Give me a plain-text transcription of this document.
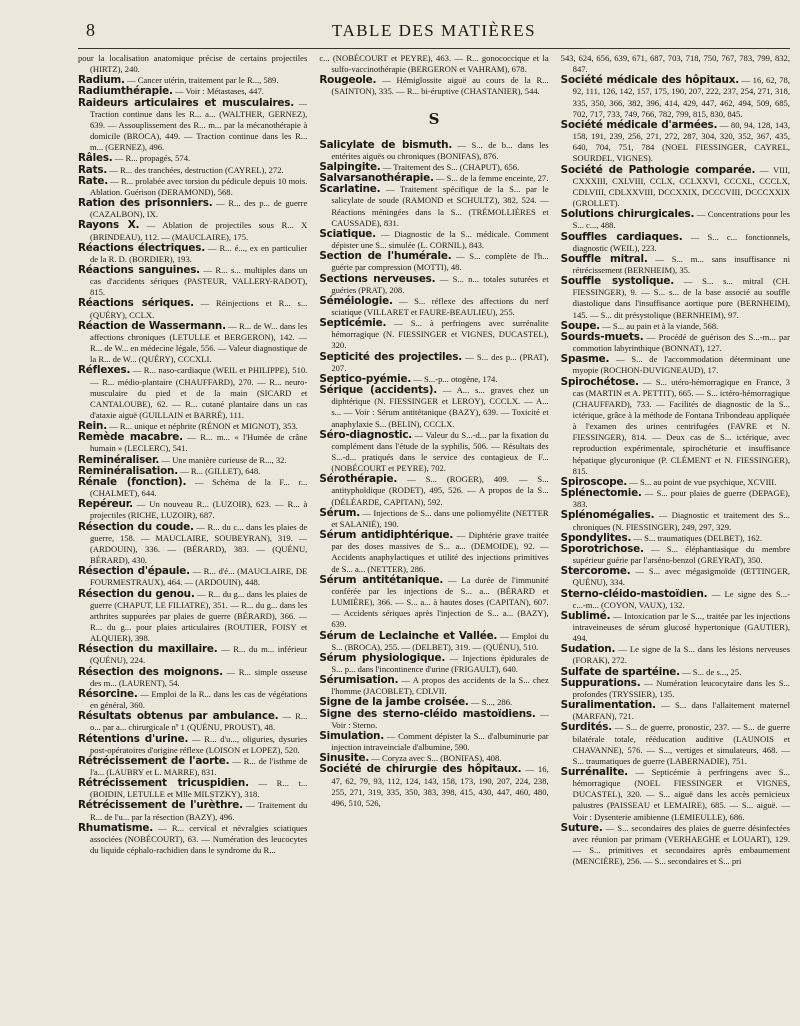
8	TABLE DES MATIÈRES

pour la localisation anatomique précise de certains projectiles (HIRTZ), 240.

Radium. — Cancer utérin, traitement par le R..., 589.

Radiumthérapie. — Voir : Métastases, 447.

Raideurs articulaires et musculaires. — Traction continue dans les R... a... (WALTHER, GERNEZ), 639. — Assouplissement des R... m... par la mécanothérapie à domicile (BROCA), 449. — Traction continue dans les R... m... (GERNEZ), 496.

Râles. — R... propagés, 574.

Rats. — R... des tranchées, destruction (CAYREL), 272.

Rate. — R... prolabée avec torsion du pédicule depuis 10 mois. Ablation. Guérison (DERAMOND), 568.

Ration des prisonniers. — R... des p... de guerre (CAZALBON), IX.

Rayons X. — Ablation de projectiles sous R... X (BRINDEAU), 112. — (MAUCLAIRE), 175.

Réactions électriques. — R... é..., ex en particulier de la R. D. (BORDIER), 193.

Réactions sanguines. — R... s... multiples dans un cas d'accidents sériques (PASTEUR, VALLERY-RADOT), 815.

Réactions sériques. — Réinjections et R... s... (QUÉRY), CCLX.

Réaction de Wassermann. — R... de W... dans les affections chroniques (LETULLE et BERGERON), 142. — R... de W... en médecine légale, 556. — Valeur diagnostique de la R... de W... (QUÉRY), CCCXLI.

Réflexes. — R... naso-cardiaque (WEIL et PHILIPPE), 510. — R... médio-plantaire (CHAUFFARD), 270. — R... neuro-musculaire du pied et de la main (SICARD et CANTALOUBE), 62. — R... cutané plantaire dans un cas d'ataxie aiguë (GUILLAIN et BARRÉ), 111.

Rein. — R... unique et néphrite (RÉNON et MIGNOT), 353.

Remède macabre. — R... m... « l'Humée de crâne humain » (LECLERC), 541.

Reminéraliser. — Une manière curieuse de R..., 32.

Reminéralisation. — R... (GILLET), 648.

Rénale (fonction). — Schéma de la F... r... (CHALMET), 644.

Repéreur. — Un nouveau R... (LUZOIR), 623. — R... à projectiles (RICHE, LUZOIR), 687.

Résection du coude. — R... du c... dans les plaies de guerre, 158. — MAUCLAIRE, SOUBEYRAN), 319. — (ARDOUIN), 336. — (BÉRARD), 383. — (QUÉNU, BÉRARD), 430.

Résection d'épaule. — R... d'é... (MAUCLAIRE, DE FOURMESTRAUX), 464. — (ARDOUIN), 448.

Résection du genou. — R... du g... dans les plaies de guerre (CHAPUT, LE FILIATRE), 351. — R... du g... dans les arthrites suppurées par plaies de guerre (BÉRARD), 366. — R... du g... pour plaies articulaires (ROUTIER, FOISY et ALQUIER), 398.

Résection du maxillaire. — R... du m... inférieur (QUÉNU), 224.

Résection des moignons. — R... simple osseuse des m... (LAURENT), 54.

Résorcine. — Emploi de la R... dans les cas de végétations en général, 360.

Résultats obtenus par ambulance. — R... o... par a... chirurgicale nº 1 (QUÉNU, PROUST), 48.

Rétentions d'urine. — R... d'u..., oliguries, dysuries post-opératoires d'origine réflexe (LOISON et LOPEZ), 520.

Rétrécissement de l'aorte. — R... de l'isthme de l'a... (LAUBRY et L. MARRE), 831.

Rétrécissement tricuspidien. — R... t... (BOIDIN, LETULLE et Mlle MILSTZKY), 318.

Rétrécissement de l'urèthre. — Traitement du R... de l'u... par la résection (BAZY), 496.

Rhumatisme. — R... cervical et névralgies sciatiques associées (NOBÉCOURT), 63. — Numération des leucocytes du liquide céphalo-rachidien dans le syndrome du R...

c... (NOBÉCOURT et PEYRE), 463. — R... gonococcique et la sulfo-vaccinothérapie (BERGERON et VAHRAM), 678.

Rougeole. — Hémiglossite aiguë au cours de la R... (SAINTON), 335. — R... bi-éruptive (CHASTANIER), 544.

S

Salicylate de bismuth. — S... de b... dans les entérites aiguës ou chroniques (BONIFAS), 876.

Salpingite. — Traitement des S... (CHAPUT), 656.

Salvarsanothérapie. — S... de la femme enceinte, 27.

Scarlatine. — Traitement spécifique de la S... par le salicylate de soude (RAMOND et SCHULTZ), 382, 524. — Réactions méningées dans la S... (TRÉMOLLIÈRES et CAUSSADE), 831.

Sciatique. — Diagnostic de la S... médicale. Comment dépister une S... simulée (L. CORNIL), 843.

Section de l'humérale. — S... complète de l'h... guérie par compression (MOTTI), 48.

Sections nerveuses. — S... n... totales suturées et guéries (PRAT), 208.

Séméiologie. — S... réflexe des affections du nerf sciatique (VILLARET et FAURE-BEAULIEU), 255.

Septicémie. — S... à perfringens avec surrénalite hémorragique (N. FIESSINGER et VIGNES, DUCASTEL), 320.

Septicité des projectiles. — S... des p... (PRAT), 207.

Septico-pyémie. — S...-p... otogène, 174.

Sérique (accidents). — A... s... graves chez un diphtérique (N. FIESSINGER et LEROY), CCCLX. — A... s... — Voir : Sérum antitétanique (BAZY), 639. — Toxicité et anaphylaxie S... (BELIN), CCCLX.

Séro-diagnostic. — Valeur du S...-d... par la fixation du complément dans l'étude de la syphilis, 506. — Résultats des S...-d... pratiqués dans le service des contagieux de F... (NOBÉCOURT et PEYRE), 702.

Sérothérapie. — S... (ROGER), 409. — S... antitypholdique (RODET), 495, 526. — A propos de la S... (DÉLÉARDE, CAPITAN), 592.

Sérum. — Injections de S... dans une poliomyélite (NETTER et SALANIÉ), 190.

Sérum antidiphtérique. — Diphtérie grave traitée par des doses massives de S... a... (DEMOIDE), 92. — Accidents anaphylactiques et utilité des injections primitives de S... a... (NETTER), 286.

Sérum antitétanique. — La durée de l'immunité conférée par les injections de S... a... (BÉRARD et LUMIÈRE), 366. — S... a... à hautes doses (CAPITAN), 607. — Accidents sériques après l'injection de S... a... (BAZY), 639.

Sérum de Leclainche et Vallée. — Emploi du S... (BROCA), 255. — (DELBET), 319. — (QUÉNU), 510.

Sérum physiologique. — Injections épidurales de S... p... dans l'incontinence d'urine (FRIGAULT), 640.

Sérumisation. — A propos des accidents de la S... chez l'homme (JACOBLET), CDLVII.

Signe de la jambe croisée. — S..., 286.

Signe des sterno-cléido mastoïdiens. — Voir : Sterno.

Simulation. — Comment dépister la S... d'albuminurie par injection intraveinciale d'albumine, 590.

Sinusite. — Coryza avec S... (BONIFAS), 408.

Société de chirurgie des hôpitaux. — 16, 47, 62, 79, 93, 112, 124, 143, 158, 173, 190, 207, 224, 238, 255, 271, 319, 335, 350, 383, 398, 415, 430, 447, 460, 480, 496, 510, 526,

543, 624, 656, 639, 671, 687, 703, 718, 750, 767, 783, 799, 832, 847.

Société médicale des hôpitaux. — 16, 62, 78, 92, 111, 126, 142, 157, 175, 190, 207, 222, 237, 254, 271, 318, 335, 350, 366, 382, 396, 414, 429, 447, 462, 494, 509, 685, 702, 717, 733, 749, 766, 782, 799, 815, 830, 845.

Société médicale d'armées. — 80, 94, 128, 143, 158, 191, 239, 256, 271, 272, 287, 304, 320, 352, 367, 435, 640, 704, 751, 784 (NOEL FIESSINGER, CAYREL, SOURDEL, VIGNES).

Société de Pathologie comparée. — VIII, CXXXIII, CXLVIII, CCLX, CCLXXVI, CCCXL, CCCLX, CDLVIII, CDLXXVIII, DCCXXIX, DCCCVIII, DCCCXXIX (GROLLET).

Solutions chirurgicales. — Concentrations pour les S... c..., 488.

Souffles cardiaques. — S... c... fonctionnels, diagnostic (WEIL), 223.

Souffle mitral. — S... m... sans insuffisance ni rétrécissement (BERNHEIM), 35.

Souffle systolique. — S... s... mitral (CH. FIESSINGER), 9. — S... s... de la base associé au souffle diastolique dans l'insuffisance aortique pure (BERNHEIM), 145. — S... dit présystolique (BERNHEIM), 97.

Soupe. — S... au pain et à la viande, 568.

Sourds-muets. — Procédé de guérison des S...-m... par commotion labyrinthique (BONNAT), 127.

Spasme. — S... de l'accommodation déterminant une myopie (ROCHON-DUVIGNEAUD), 17.

Spirochétose. — S... utéro-hémorragique en France, 3 cas (MARTIN et A. PETTIT), 665. — S... ictéro-hémorragique (CHAUFFARD), 733. — Facilités de diagnostic de la S... ictérique, grâce à la méthode de Fontana Tribondeau appliquée à l'examen des urines centrifugées (FAVRE et N. FIESSINGER), 814. — Deux cas de S... ictérique, avec reproduction expérimentale, spirochéturie et insuffisance hépatique glycuronique (P. CLÉMENT et N. FIESSINGER), 815.

Spiroscope. — S... au point de vue psychique, XCVIII.

Splénectomie. — S... pour plaies de guerre (DEPAGE), 383.

Splénomégalies. — Diagnostic et traitement des S... chroniques (N. FIESSINGER), 249, 297, 329.

Spondylites. — S... traumatiques (DELBET), 162.

Sporotrichose. — S... éléphantiasique du membre supérieur guérie par l'arséno-benzol (GREYRAT), 350.

Stercorome. — S... avec mégasigmoïde (ŒTTINGER, QUÉNU), 334.

Sterno-cléido-mastoïdien. — Le signe des S...-c...-m... (COYON, VAUX), 132.

Sublimé. — Intoxication par le S..., traitée par les injections intraveineuses de sérum glucosé hypertonique (GAUTIER), 494.

Sudation. — Le signe de la S... dans les lésions nerveuses (FORAK), 272.

Sulfate de spartéine. — S... de s..., 25.

Suppurations. — Numération leucocytaire dans les S... profondes (TRYSSIER), 135.

Suralimentation. — S... dans l'allaitement maternel (MARFAN), 721.

Surdités. — S... de guerre, pronostic, 237. — S... de guerre bilatérale totale, rééducation auditive (LAUNOIS et CHAVANNE), 576. — S..., vertiges et simulateurs, 468. — S... traumatiques de guerre (LABERNADIE), 751.

Surrénalite. — Septicémie à perfringens avec S... hémorragique (NOEL FIESSINGER et VIGNES, DUCASTEL), 320. — S... aiguë dans les accès pernicieux palustres (PAISSEAU et LEMAIRE), 685. — S... aiguë. — Voir : Dysenterie amibienne (LEMIEULLE), 686.

Suture. — S... secondaires des plaies de guerre désinfectées avec réunion par primam (VERHAEGHE et LOUART), 129. — S... primitives et secondaires après embaumement (MENCIÈRE), 256. — S... secondaires et S... pri
